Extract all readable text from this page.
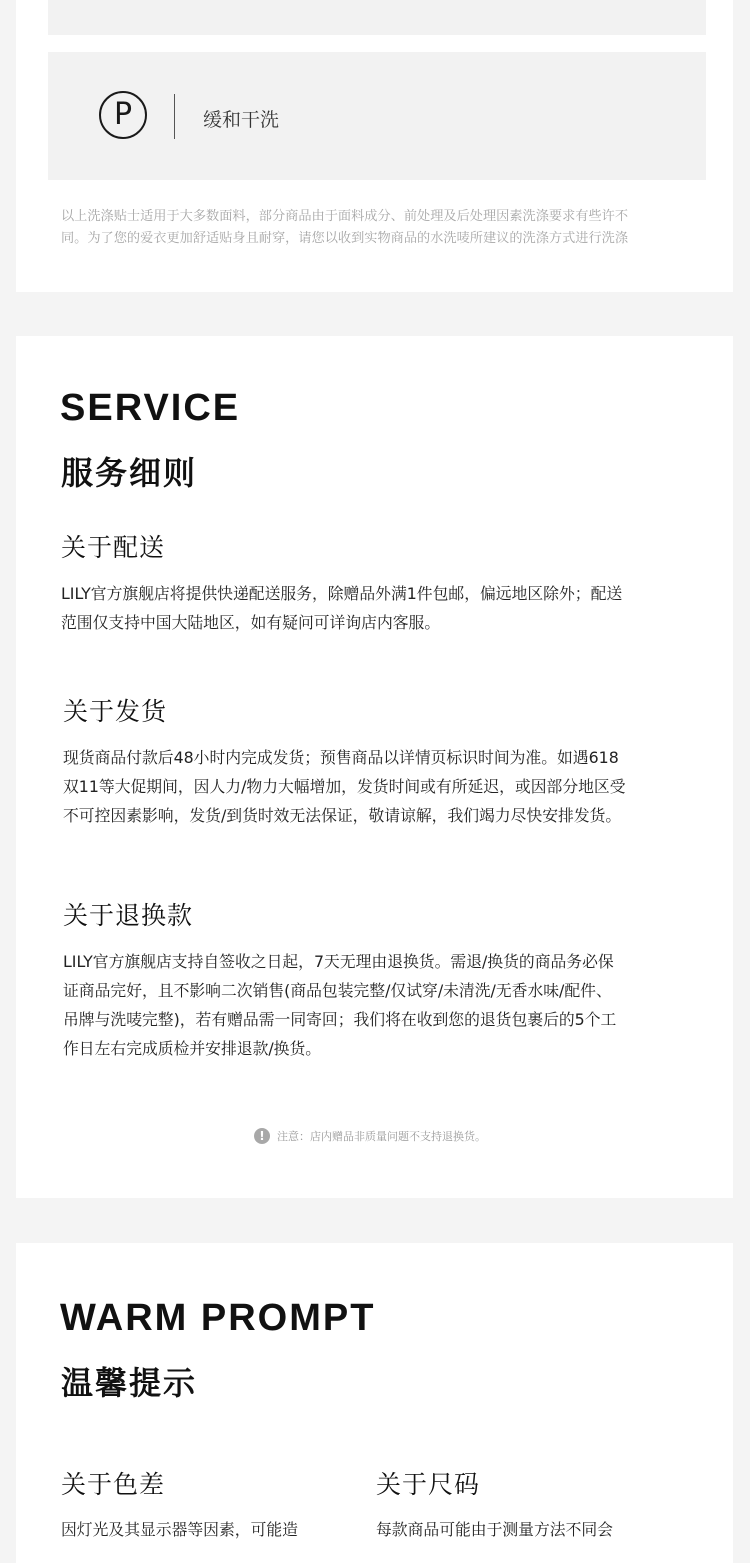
P	缓和干洗
以上洗涤贴士适用于大多数面料，部分商品由于面料成分、前处理及后处理因素洗涤要求有些许不
同。为了您的爱衣更加舒适贴身且耐穿，请您以收到实物商品的水洗唛所建议的洗涤方式进行洗涤
SERVICE
服务细则
关于配送
LILY官方旗舰店将提供快递配送服务，除赠品外满1件包邮，偏远地区除外；配送
范围仅支持中国大陆地区，如有疑问可详询店内客服。
关于发货
现货商品付款后48小时内完成发货；预售商品以详情页标识时间为准。如遇618
双11等大促期间，因人力/物力大幅增加，发货时间或有所延迟，或因部分地区受
不可控因素影响，发货/到货时效无法保证，敬请谅解，我们竭力尽快安排发货。
关于退换款
LILY官方旗舰店支持自签收之日起，7天无理由退换货。需退/换货的商品务必保
证商品完好，且不影响二次销售(商品包装完整/仅试穿/未清洗/无香水味/配件、
吊牌与洗唛完整)，若有赠品需一同寄回；我们将在收到您的退货包裹后的5个工
作日左右完成质检并安排退款/换货。
!	注意：店内赠品非质量问题不支持退换货。
WARM PROMPT
温馨提示
关于色差
因灯光及其显示器等因素，可能造
关于尺码
每款商品可能由于测量方法不同会
